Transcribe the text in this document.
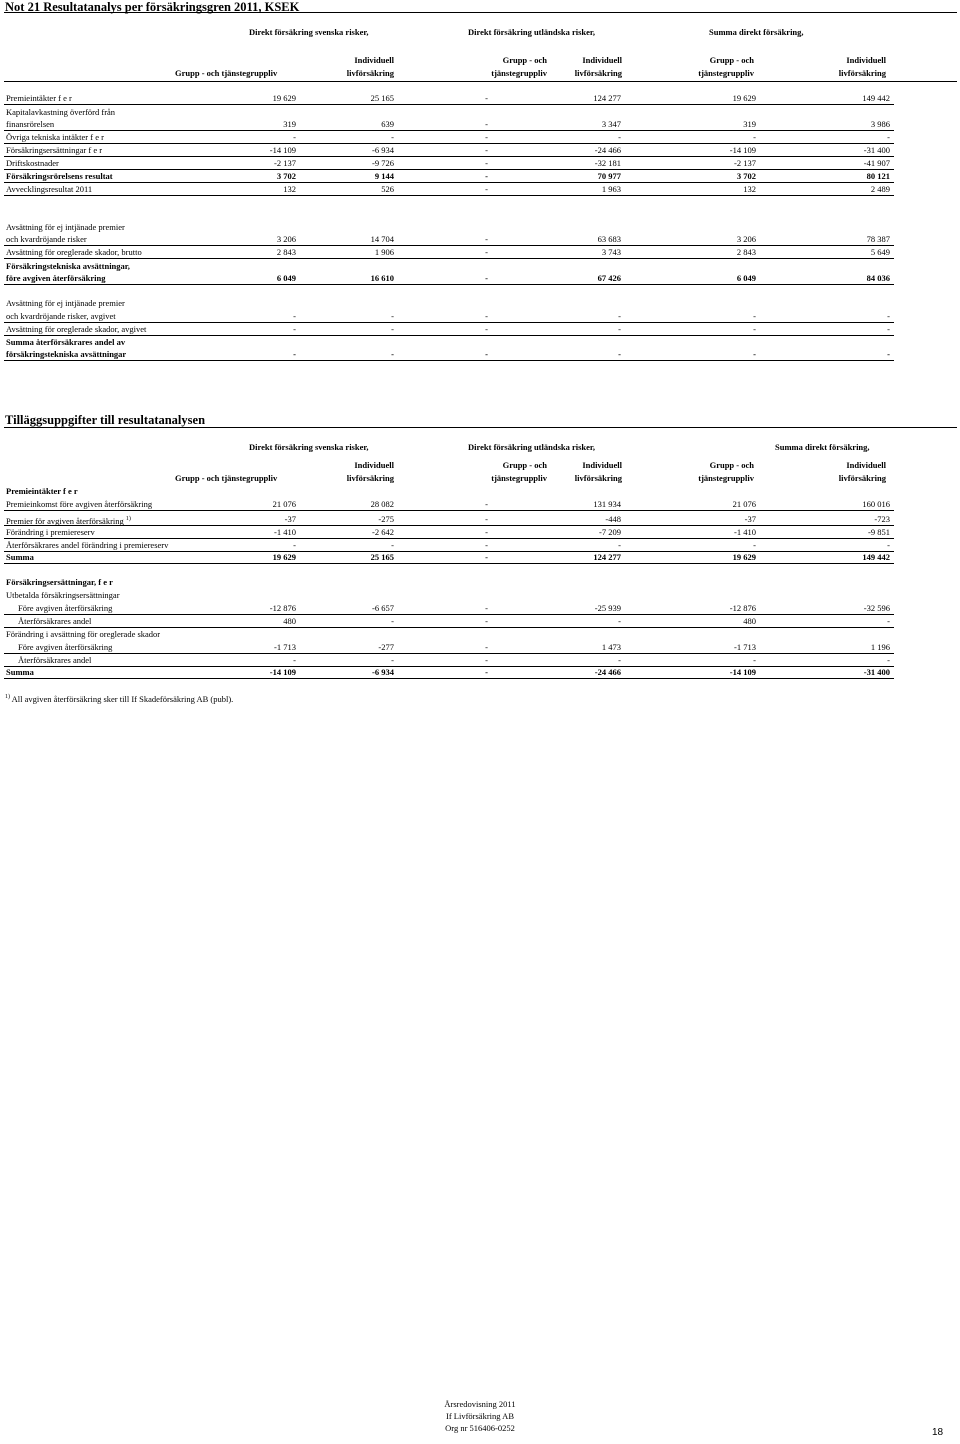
Not 21 Resultatanalys per försäkringsgren 2011, KSEK
Direkt försäkring svenska risker,	Direkt försäkring utländska risker,	Summa direkt försäkring,
Individuell	Grupp - och	Individuell	Grupp - och	Individuell
Grupp - och tjänstegruppliv	livförsäkring	tjänstegruppliv	livförsäkring	tjänstegruppliv	livförsäkring
Premieintäkter f e r	19 629	25 165	-	124 277	19 629	149 442
Kapitalavkastning överförd från
finansrörelsen	319	639	-	3 347	319	3 986
Övriga tekniska intäkter f e r	-	-	-	-	-	-
Försäkringsersättningar f e r	-14 109	-6 934	-	-24 466	-14 109	-31 400
Driftskostnader	-2 137	-9 726	-	-32 181	-2 137	-41 907
Försäkringsrörelsens resultat	3 702	9 144	-	70 977	3 702	80 121
Avvecklingsresultat 2011	132	526	-	1 963	132	2 489
Avsättning för ej intjänade premier
och kvardröjande risker	3 206	14 704	-	63 683	3 206	78 387
Avsättning för oreglerade skador, brutto	2 843	1 906	-	3 743	2 843	5 649
Försäkringstekniska avsättningar,
före avgiven återförsäkring	6 049	16 610	-	67 426	6 049	84 036
Avsättning för ej intjänade premier
och kvardröjande risker, avgivet	-	-	-	-	-	-
Avsättning för oreglerade skador, avgivet	-	-	-	-	-	-
Summa återförsäkrares andel av
försäkringstekniska avsättningar	-	-	-	-	-	-
Tilläggsuppgifter till resultatanalysen
Direkt försäkring svenska risker,	Direkt försäkring utländska risker,	Summa direkt försäkring,
Individuell	Grupp - och	Individuell	Grupp - och	Individuell
Grupp - och tjänstegruppliv	livförsäkring	tjänstegruppliv	livförsäkring	tjänstegruppliv	livförsäkring
Premieintäkter f e r
Premieinkomst före avgiven återförsäkring	21 076	28 082	-	131 934	21 076	160 016
Premier för avgiven återförsäkring $^{1)}$	-37	-275	-	-448	-37	-723
Förändring i premiereserv	-1 410	-2 642	-	-7 209	-1 410	-9 851
Återförsäkrares andel förändring i premiereserv	-	-	-	-	-	-
Summa	19 629	25 165	-	124 277	19 629	149 442
Försäkringsersättningar, f e r
Utbetalda försäkringsersättningar
Före avgiven återförsäkring	-12 876	-6 657	-	-25 939	-12 876	-32 596
Återförsäkrares andel	480	-	-	-	480	-
Förändring i avsättning för oreglerade skador
Före avgiven återförsäkring	-1 713	-277	-	1 473	-1 713	1 196
Återförsäkrares andel	-	-	-	-	-	-
Summa	-14 109	-6 934	-	-24 466	-14 109	-31 400
$^{1)}$ All avgiven återförsäkring sker till If Skadeförsäkring AB (publ).
Årsredovisning 2011
If Livförsäkring AB
Org nr 516406-0252	18
